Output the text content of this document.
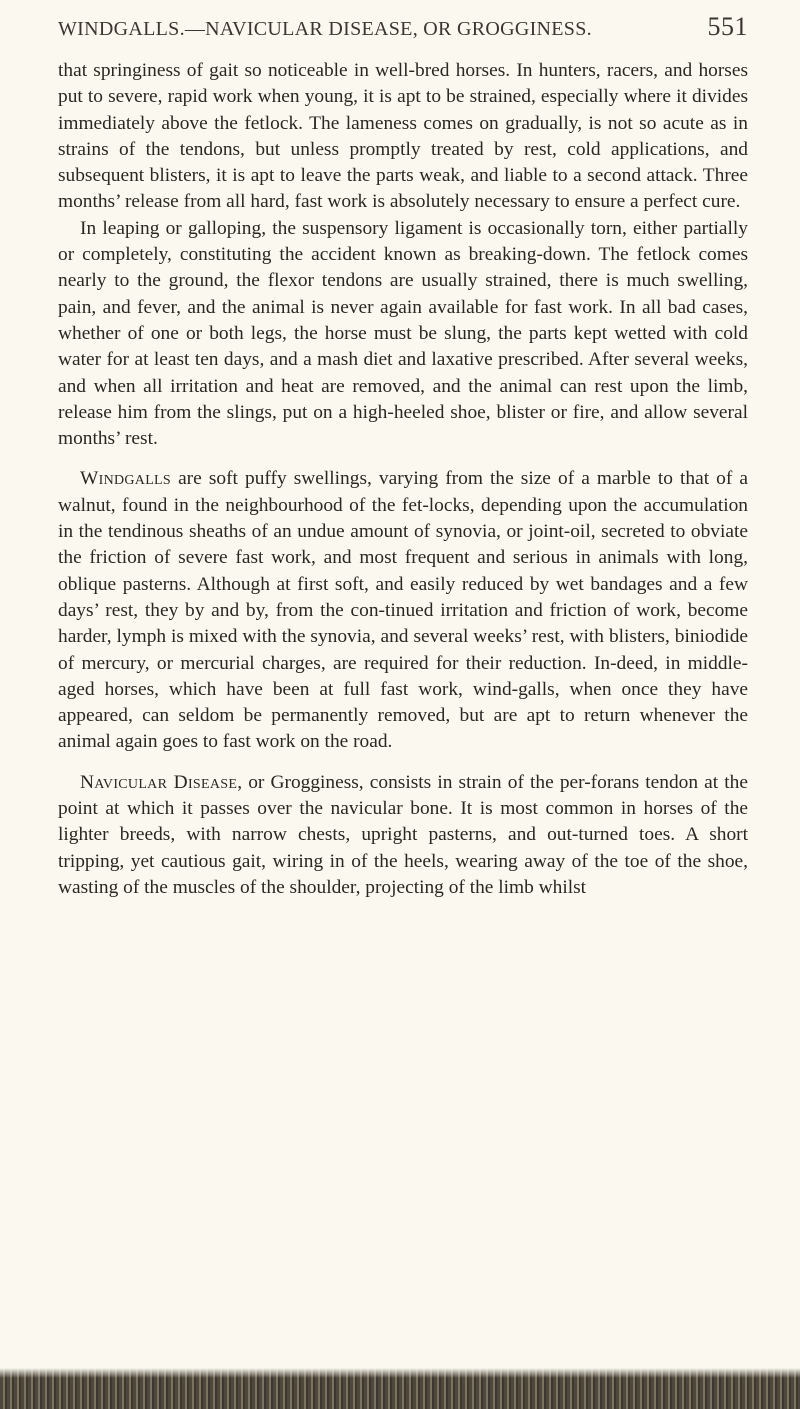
WINDGALLS.—NAVICULAR DISEASE, OR GROGGINESS.	551

that springiness of gait so noticeable in well-bred horses. In hunters, racers, and horses put to severe, rapid work when young, it is apt to be strained, especially where it divides immediately above the fetlock. The lameness comes on gradually, is not so acute as in strains of the tendons, but unless promptly treated by rest, cold applications, and subsequent blisters, it is apt to leave the parts weak, and liable to a second attack. Three months’ release from all hard, fast work is absolutely necessary to ensure a perfect cure.

In leaping or galloping, the suspensory ligament is occasionally torn, either partially or completely, constituting the accident known as breaking-down. The fetlock comes nearly to the ground, the flexor tendons are usually strained, there is much swelling, pain, and fever, and the animal is never again available for fast work. In all bad cases, whether of one or both legs, the horse must be slung, the parts kept wetted with cold water for at least ten days, and a mash diet and laxative prescribed. After several weeks, and when all irritation and heat are removed, and the animal can rest upon the limb, release him from the slings, put on a high-heeled shoe, blister or fire, and allow several months’ rest.

Windgalls are soft puffy swellings, varying from the size of a marble to that of a walnut, found in the neighbourhood of the fet-locks, depending upon the accumulation in the tendinous sheaths of an undue amount of synovia, or joint-oil, secreted to obviate the friction of severe fast work, and most frequent and serious in animals with long, oblique pasterns. Although at first soft, and easily reduced by wet bandages and a few days’ rest, they by and by, from the con-tinued irritation and friction of work, become harder, lymph is mixed with the synovia, and several weeks’ rest, with blisters, biniodide of mercury, or mercurial charges, are required for their reduction. In-deed, in middle-aged horses, which have been at full fast work, wind-galls, when once they have appeared, can seldom be permanently removed, but are apt to return whenever the animal again goes to fast work on the road.

Navicular Disease, or Grogginess, consists in strain of the per-forans tendon at the point at which it passes over the navicular bone. It is most common in horses of the lighter breeds, with narrow chests, upright pasterns, and out-turned toes. A short tripping, yet cautious gait, wiring in of the heels, wearing away of the toe of the shoe, wasting of the muscles of the shoulder, projecting of the limb whilst
